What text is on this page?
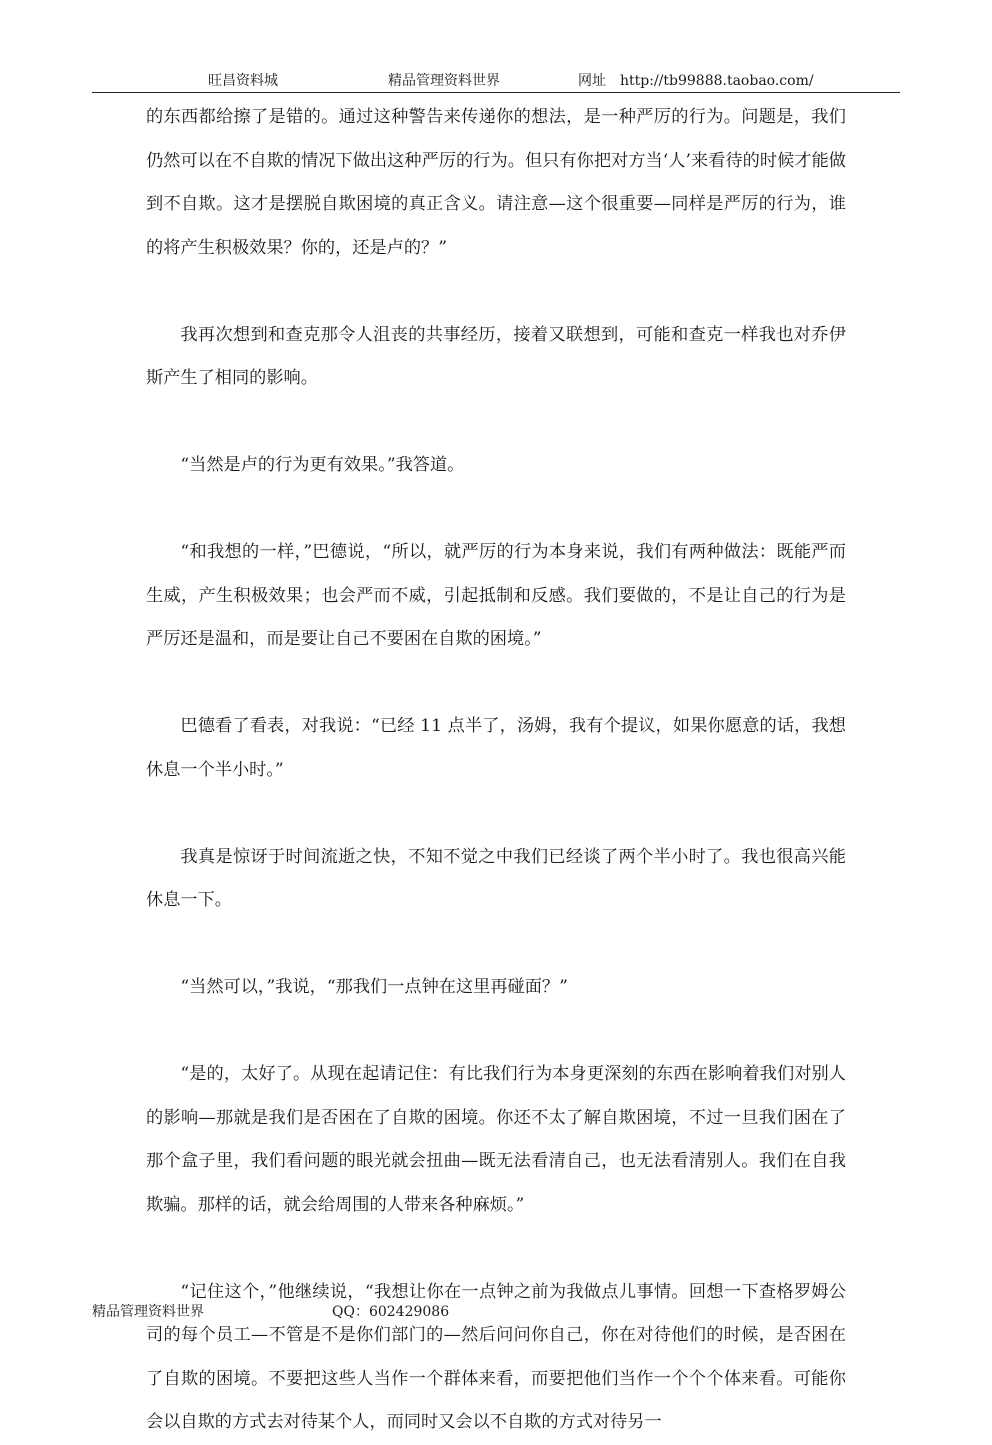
旺昌资料城	精品管理资料世界	网址　http://tb99888.taobao.com/

的东西都给擦了是错的。通过这种警告来传递你的想法，是一种严厉的行为。问题是，我们仍然可以在不自欺的情况下做出这种严厉的行为。但只有你把对方当‘人’来看待的时候才能做到不自欺。这才是摆脱自欺困境的真正含义。请注意—这个很重要—同样是严厉的行为，谁的将产生积极效果？你的，还是卢的？”

我再次想到和查克那令人沮丧的共事经历，接着又联想到，可能和查克一样我也对乔伊斯产生了相同的影响。

“当然是卢的行为更有效果。”我答道。

“和我想的一样，”巴德说，“所以，就严厉的行为本身来说，我们有两种做法：既能严而生威，产生积极效果；也会严而不威，引起抵制和反感。我们要做的，不是让自己的行为是严厉还是温和，而是要让自己不要困在自欺的困境。”

巴德看了看表，对我说：“已经 11 点半了，汤姆，我有个提议，如果你愿意的话，我想休息一个半小时。”

我真是惊讶于时间流逝之快，不知不觉之中我们已经谈了两个半小时了。我也很高兴能休息一下。

“当然可以，”我说，“那我们一点钟在这里再碰面？”

“是的，太好了。从现在起请记住：有比我们行为本身更深刻的东西在影响着我们对别人的影响—那就是我们是否困在了自欺的困境。你还不太了解自欺困境，不过一旦我们困在了那个盒子里，我们看问题的眼光就会扭曲—既无法看清自己，也无法看清别人。我们在自我欺骗。那样的话，就会给周围的人带来各种麻烦。”

“记住这个，”他继续说，“我想让你在一点钟之前为我做点儿事情。回想一下查格罗姆公司的每个员工—不管是不是你们部门的—然后问问你自己，你在对待他们的时候，是否困在了自欺的困境。不要把这些人当作一个群体来看，而要把他们当作一个个个体来看。可能你会以自欺的方式去对待某个人，而同时又会以不自欺的方式对待另一

精品管理资料世界	QQ：602429086
